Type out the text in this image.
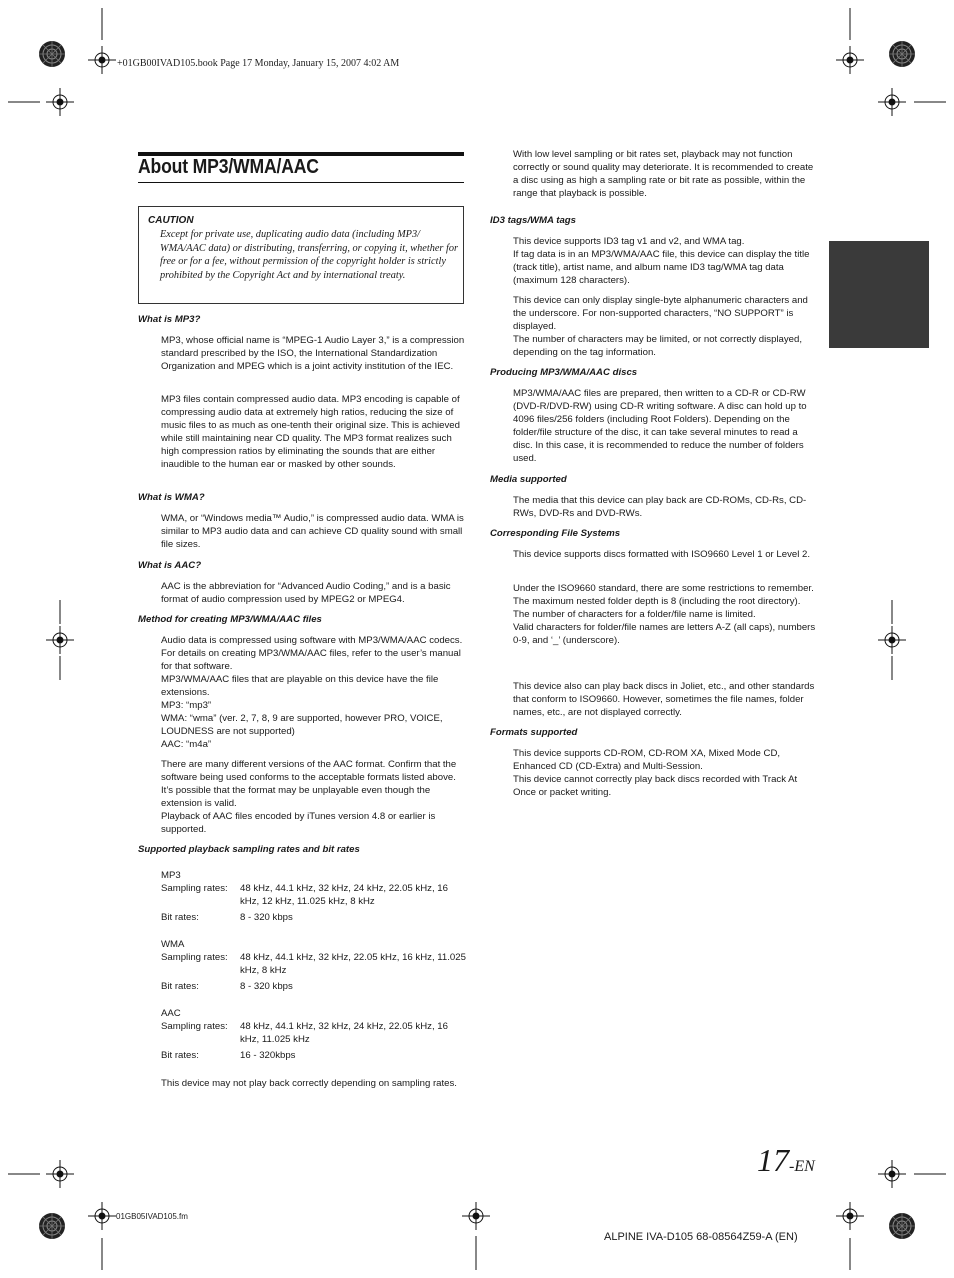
+01GB00IVAD105.book Page 17 Monday, January 15, 2007 4:02 AM
About MP3/WMA/AAC
CAUTION
Except for private use, duplicating audio data (including MP3/ WMA/AAC data) or distributing, transferring, or copying it, whether for free or for a fee, without permission of the copyright holder is strictly prohibited by the Copyright Act and by international treaty.

What is MP3?

MP3, whose official name is “MPEG-1 Audio Layer 3,” is a compression standard prescribed by the ISO, the International Standardization Organization and MPEG which is a joint activity institution of the IEC.

MP3 files contain compressed audio data. MP3 encoding is capable of compressing audio data at extremely high ratios, reducing the size of music files to as much as one-tenth their original size. This is achieved while still maintaining near CD quality. The MP3 format realizes such high compression ratios by eliminating the sounds that are either inaudible to the human ear or masked by other sounds.

What is WMA?

WMA, or “Windows media™ Audio,” is compressed audio data. WMA is similar to MP3 audio data and can achieve CD quality sound with small file sizes.

What is AAC?

AAC is the abbreviation for “Advanced Audio Coding,” and is a basic format of audio compression used by MPEG2 or MPEG4.

Method for creating MP3/WMA/AAC files

Audio data is compressed using software with MP3/WMA/AAC codecs. For details on creating MP3/WMA/AAC files, refer to the user’s manual for that software.
MP3/WMA/AAC files that are playable on this device have the file extensions.
MP3: “mp3”
WMA: “wma” (ver. 2, 7, 8, 9 are supported, however PRO, VOICE, LOUDNESS are not supported)
AAC: “m4a”

There are many different versions of the AAC format. Confirm that the software being used conforms to the acceptable formats listed above. It’s possible that the format may be unplayable even though the extension is valid.
Playback of AAC files encoded by iTunes version 4.8 or earlier is supported.

Supported playback sampling rates and bit rates

MP3
Sampling rates:	48 kHz, 44.1 kHz, 32 kHz, 24 kHz, 22.05 kHz, 16 kHz, 12 kHz, 11.025 kHz, 8 kHz
Bit rates:	8 - 320 kbps
WMA
Sampling rates:	48 kHz, 44.1 kHz, 32 kHz, 22.05 kHz, 16 kHz, 11.025 kHz, 8 kHz
Bit rates:	8 - 320 kbps
AAC
Sampling rates:	48 kHz, 44.1 kHz, 32 kHz, 24 kHz, 22.05 kHz, 16 kHz, 11.025 kHz
Bit rates:	16 - 320kbps

This device may not play back correctly depending on sampling rates.

With low level sampling or bit rates set, playback may not function correctly or sound quality may deteriorate. It is recommended to create a disc using as high a sampling rate or bit rate as possible, within the range that playback is possible.

ID3 tags/WMA tags

This device supports ID3 tag v1 and v2, and WMA tag.
If tag data is in an MP3/WMA/AAC file, this device can display the title (track title), artist name, and album name ID3 tag/WMA tag data (maximum 128 characters).

This device can only display single-byte alphanumeric characters and the underscore. For non-supported characters, “NO SUPPORT” is displayed.
The number of characters may be limited, or not correctly displayed, depending on the tag information.

Producing MP3/WMA/AAC discs

MP3/WMA/AAC files are prepared, then written to a CD-R or CD-RW (DVD-R/DVD-RW) using CD-R writing software. A disc can hold up to 4096 files/256 folders (including Root Folders). Depending on the folder/file structure of the disc, it can take several minutes to read a disc. In this case, it is recommended to reduce the number of folders used.

Media supported

The media that this device can play back are CD-ROMs, CD-Rs, CD-RWs, DVD-Rs and DVD-RWs.

Corresponding File Systems

This device supports discs formatted with ISO9660 Level 1 or Level 2.

Under the ISO9660 standard, there are some restrictions to remember.
The maximum nested folder depth is 8 (including the root directory). The number of characters for a folder/file name is limited.
Valid characters for folder/file names are letters A-Z (all caps), numbers 0-9, and ‘_’ (underscore).

This device also can play back discs in Joliet, etc., and other standards that conform to ISO9660. However, sometimes the file names, folder names, etc., are not displayed correctly.

Formats supported

This device supports CD-ROM, CD-ROM XA, Mixed Mode CD, Enhanced CD (CD-Extra) and Multi-Session.
This device cannot correctly play back discs recorded with Track At Once or packet writing.

17-EN
01GB05IVAD105.fm
ALPINE IVA-D105 68-08564Z59-A (EN)
